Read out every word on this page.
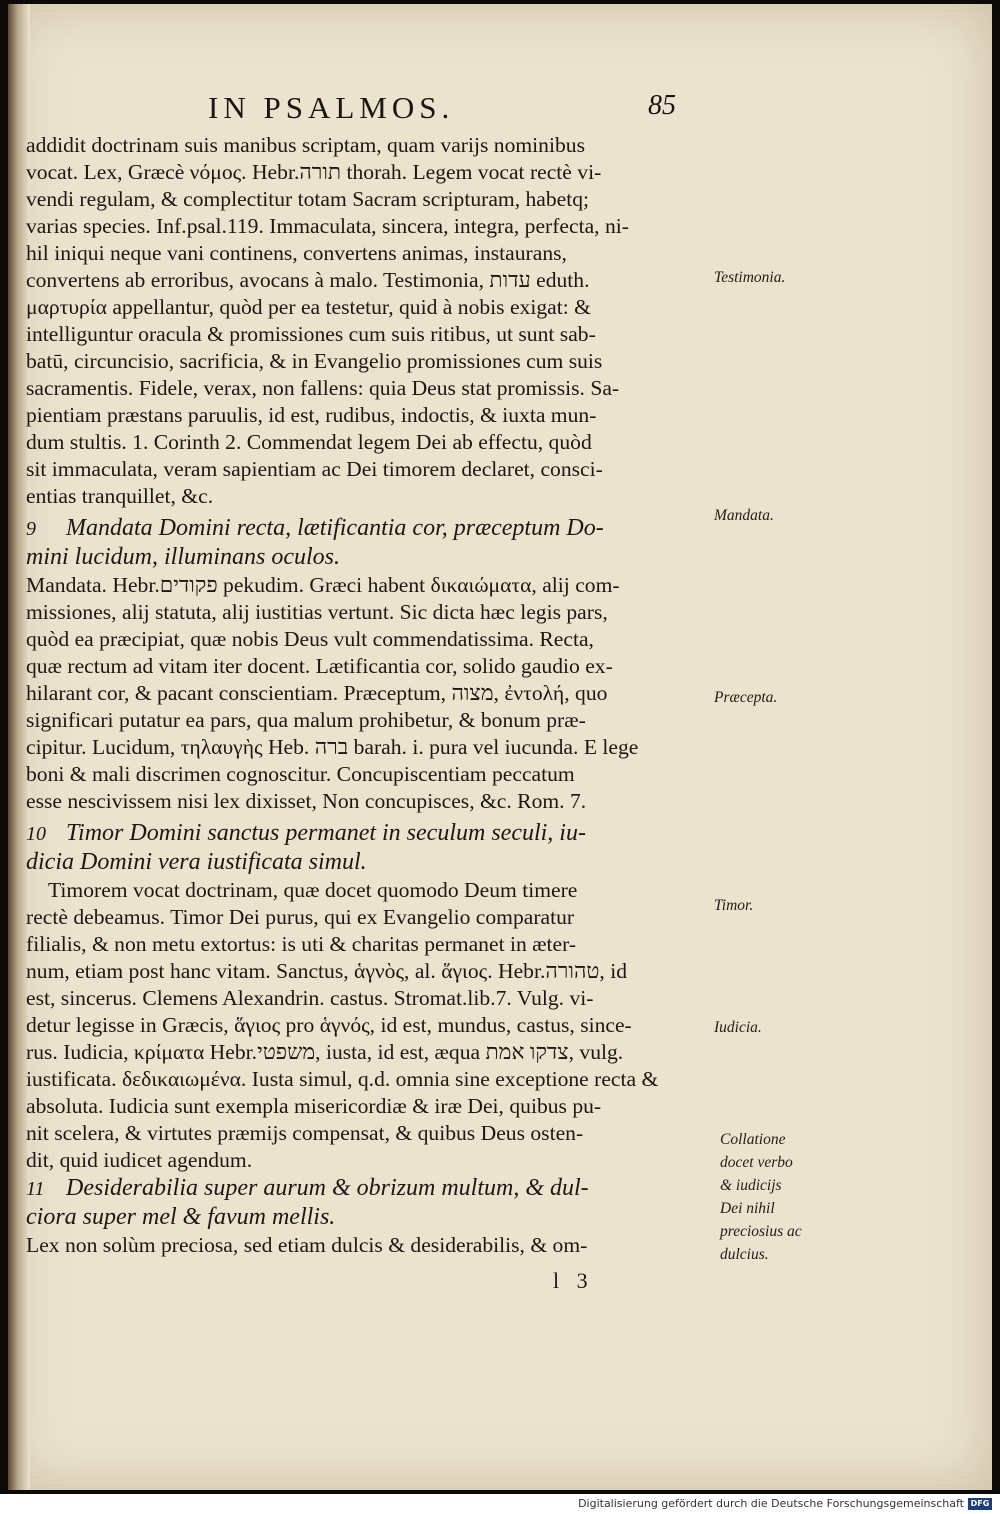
IN PSALMOS.	85
addidit doctrinam suis manibus scriptam, quam varijs nominibus
vocat. Lex, Græcè νόμος. Hebr.תורה thorah. Legem vocat rectè vi-
vendi regulam, & complectitur totam Sacram scripturam, habetq;
varias species. Inf.psal.119. Immaculata, sincera, integra, perfecta, ni-
hil iniqui neque vani continens, convertens animas, instaurans,
convertens ab erroribus, avocans à malo. Testimonia, עדות eduth.
μαρτυρία appellantur, quòd per ea testetur, quid à nobis exigat: &
intelliguntur oracula & promissiones cum suis ritibus, ut sunt sab-
batū, circuncisio, sacrificia, & in Evangelio promissiones cum suis
sacramentis. Fidele, verax, non fallens: quia Deus stat promissis. Sa-
pientiam præstans paruulis, id est, rudibus, indoctis, & iuxta mun-
dum stultis. 1. Corinth 2. Commendat legem Dei ab effectu, quòd
sit immaculata, veram sapientiam ac Dei timorem declaret, consci-
entias tranquillet, &c.
9 Mandata Domini recta, lætificantia cor, præceptum Do-
mini lucidum, illuminans oculos.
Mandata. Hebr.פקודים pekudim. Græci habent δικαιώματα, alij com-
missiones, alij statuta, alij iustitias vertunt. Sic dicta hæc legis pars,
quòd ea præcipiat, quæ nobis Deus vult commendatissima. Recta,
quæ rectum ad vitam iter docent. Lætificantia cor, solido gaudio ex-
hilarant cor, & pacant conscientiam. Præceptum, מצוה, ἐντολή, quo
significari putatur ea pars, qua malum prohibetur, & bonum præ-
cipitur. Lucidum, τηλαυγὴς Heb. ברה barah. i. pura vel iucunda. E lege
boni & mali discrimen cognoscitur. Concupiscentiam peccatum
esse nescivissem nisi lex dixisset, Non concupisces, &c. Rom. 7.
10 Timor Domini sanctus permanet in seculum seculi, iu-
dicia Domini vera iustificata simul.
Timorem vocat doctrinam, quæ docet quomodo Deum timere
rectè debeamus. Timor Dei purus, qui ex Evangelio comparatur
filialis, & non metu extortus: is uti & charitas permanet in æter-
num, etiam post hanc vitam. Sanctus, ἁγνὸς, al. ἅγιος. Hebr.טהורה, id
est, sincerus. Clemens Alexandrin. castus. Stromat.lib.7. Vulg. vi-
detur legisse in Græcis, ἅγιος pro ἁγνός, id est, mundus, castus, since-
rus. Iudicia, κρίματα Hebr.משפטי, iusta, id est, æqua צדקו אמת, vulg.
iustificata. δεδικαιωμένα. Iusta simul, q.d. omnia sine exceptione recta &
absoluta. Iudicia sunt exempla misericordiæ & iræ Dei, quibus pu-
nit scelera, & virtutes præmijs compensat, & quibus Deus osten-
dit, quid iudicet agendum.
11 Desiderabilia super aurum & obrizum multum, & dul-
ciora super mel & favum mellis.
Lex non solùm preciosa, sed etiam dulcis & desiderabilis, & om-
Testimonia.
Mandata.
Præcepta.
Timor.
Iudicia.
Collatione
docet verbo
& iudicijs
Dei nihil
preciosius ac
dulcius.
l 3
Digitalisierung gefördert durch die Deutsche Forschungsgemeinschaft DFG
